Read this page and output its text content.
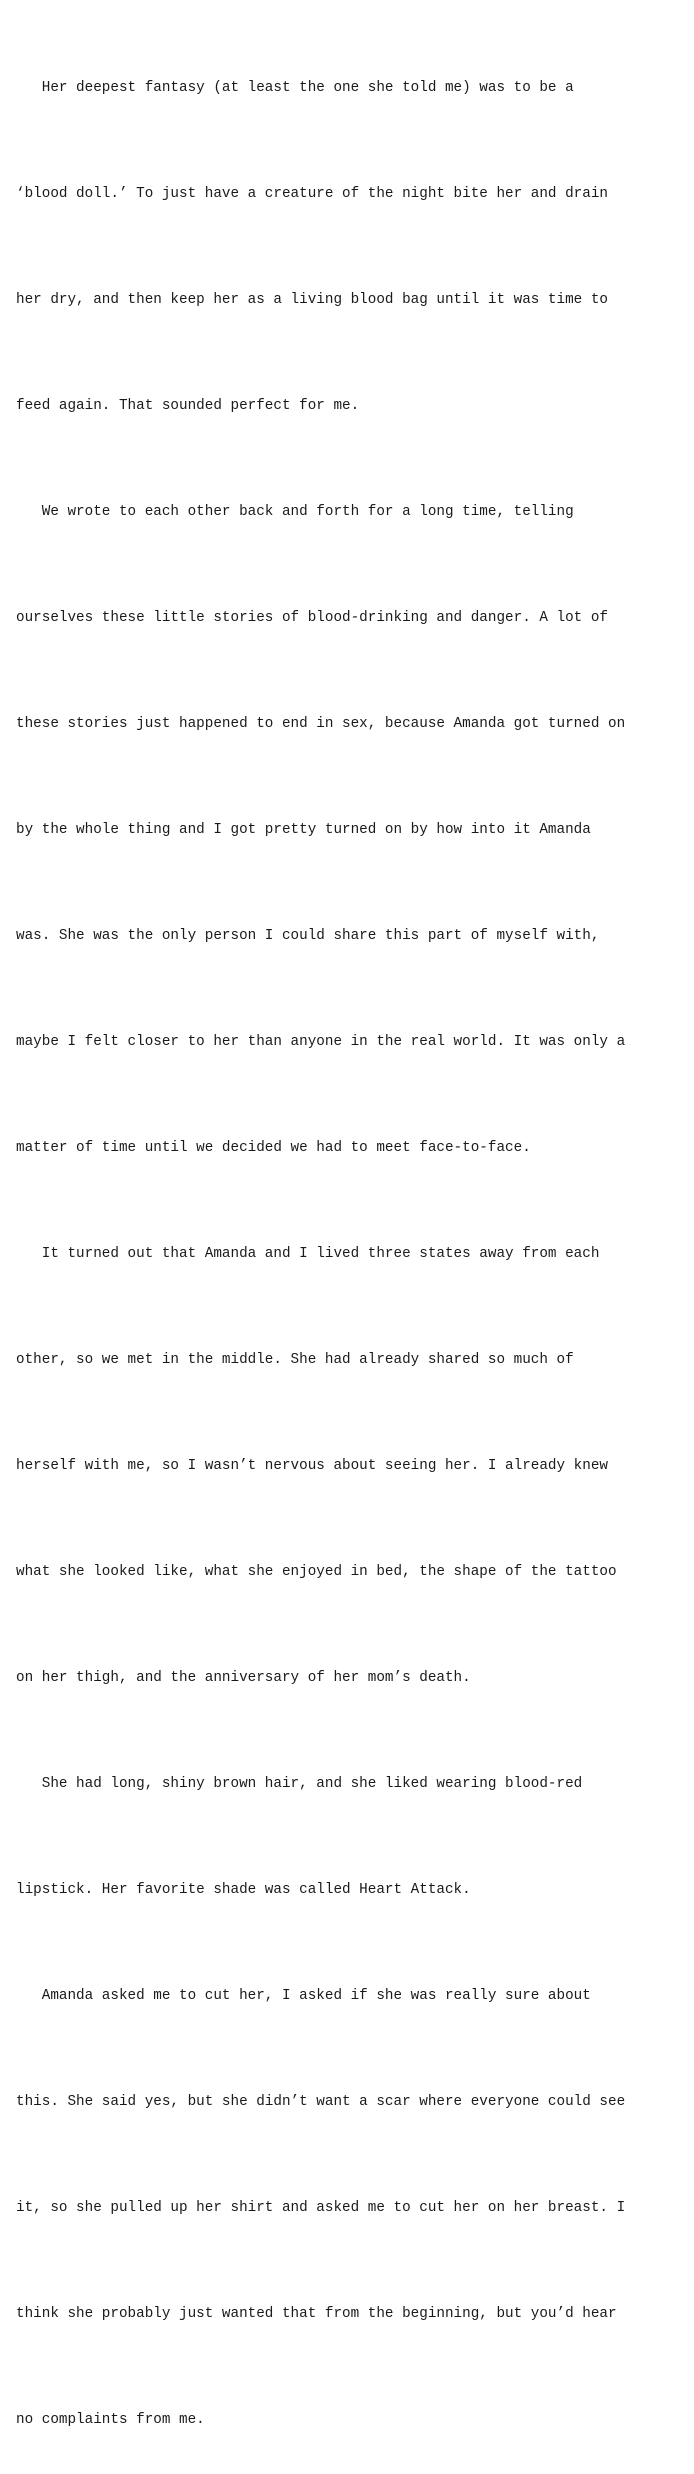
Her deepest fantasy (at least the one she told me) was to be a

‘blood doll.’ To just have a creature of the night bite her and drain

her dry, and then keep her as a living blood bag until it was time to

feed again. That sounded perfect for me.

We wrote to each other back and forth for a long time, telling

ourselves these little stories of blood-drinking and danger. A lot of

these stories just happened to end in sex, because Amanda got turned on

by the whole thing and I got pretty turned on by how into it Amanda

was. She was the only person I could share this part of myself with,

maybe I felt closer to her than anyone in the real world. It was only a

matter of time until we decided we had to meet face-to-face.

It turned out that Amanda and I lived three states away from each

other, so we met in the middle. She had already shared so much of

herself with me, so I wasn’t nervous about seeing her. I already knew

what she looked like, what she enjoyed in bed, the shape of the tattoo

on her thigh, and the anniversary of her mom’s death.

She had long, shiny brown hair, and she liked wearing blood-red

lipstick. Her favorite shade was called Heart Attack.

Amanda asked me to cut her, I asked if she was really sure about

this. She said yes, but she didn’t want a scar where everyone could see

it, so she pulled up her shirt and asked me to cut her on her breast. I

think she probably just wanted that from the beginning, but you’d hear

no complaints from me.
